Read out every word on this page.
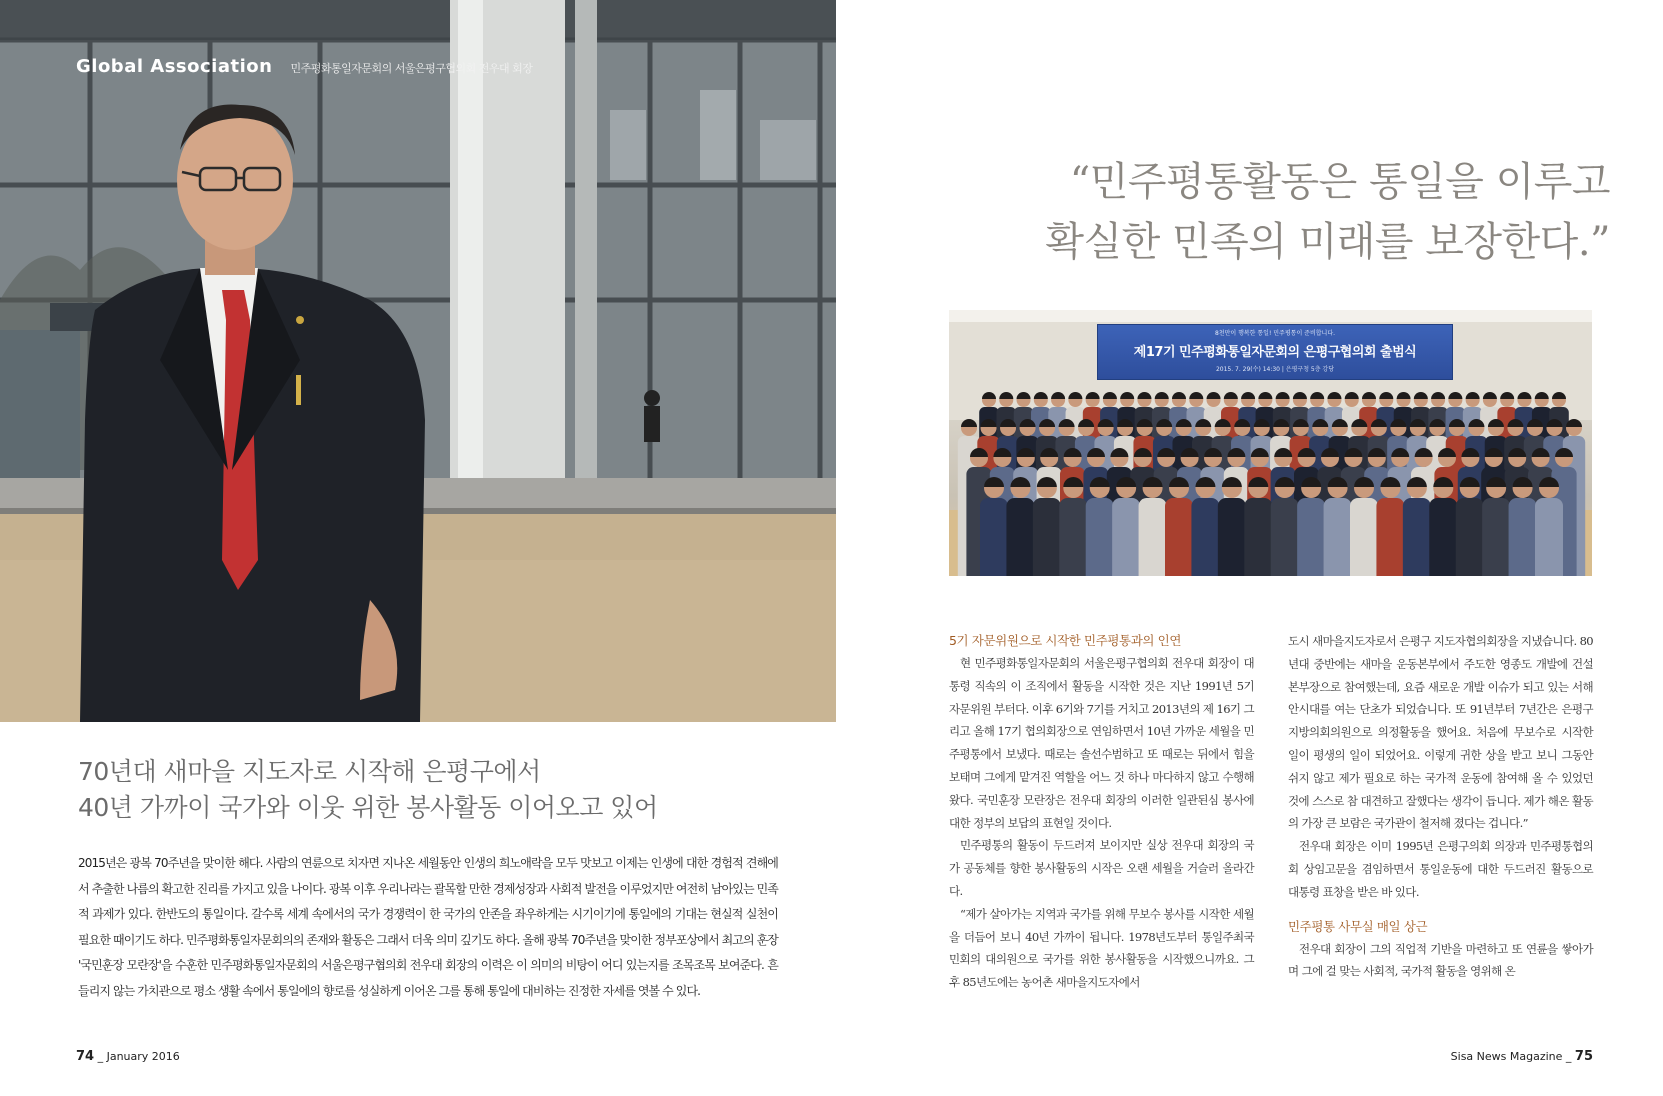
Global Association 민주평화통일자문회의 서울은평구협의회 전우대 회장
70년대 새마을 지도자로 시작해 은평구에서
40년 가까이 국가와 이웃 위한 봉사활동 이어오고 있어
2015년은 광복 70주년을 맞이한 해다. 사람의 연륜으로 치자면 지나온 세월동안 인생의 희노애락을 모두 맛보고 이제는 인생에 대한 경험적 견해에서 추출한 나름의 확고한 진리를 가지고 있을 나이다. 광복 이후 우리나라는 괄목할 만한 경제성장과 사회적 발전을 이루었지만 여전히 남아있는 민족적 과제가 있다. 한반도의 통일이다. 갈수록 세계 속에서의 국가 경쟁력이 한 국가의 안존을 좌우하게는 시기이기에 통일에의 기대는 현실적 실천이 필요한 때이기도 하다. 민주평화통일자문회의의 존재와 활동은 그래서 더욱 의미 깊기도 하다. 올해 광복 70주년을 맞이한 정부포상에서 최고의 훈장 '국민훈장 모란장'을 수훈한 민주평화통일자문회의 서울은평구협의회 전우대 회장의 이력은 이 의미의 비탕이 어디 있는지를 조목조목 보여준다. 흔들리지 않는 가치관으로 평소 생활 속에서 통일에의 향로를 성실하게 이어온 그를 통해 통일에 대비하는 진정한 자세를 엿볼 수 있다.
74 _ January 2016
“민주평통활동은 통일을 이루고
확실한 민족의 미래를 보장한다.”
8천만이 행복한 통일! 민주평통이 준비합니다.
제17기 민주평화통일자문회의 은평구협의회 출범식
2015. 7. 29(수) 14:30 | 은평구청 5층 강당
5기 자문위원으로 시작한 민주평통과의 인연

현 민주평화통일자문회의 서울은평구협의회 전우대 회장이 대통령 직속의 이 조직에서 활동을 시작한 것은 지난 1991년 5기 자문위원 부터다. 이후 6기와 7기를 거치고 2013년의 제 16기 그리고 올해 17기 협의회장으로 연임하면서 10년 가까운 세월을 민주평통에서 보냈다. 때로는 솔선수범하고 또 때로는 뒤에서 힘을 보태며 그에게 맡겨진 역할을 어느 것 하나 마다하지 않고 수행해 왔다. 국민훈장 모란장은 전우대 회장의 이러한 일관된심 봉사에 대한 정부의 보답의 표현일 것이다.

민주평통의 활동이 두드러져 보이지만 실상 전우대 회장의 국가 공동체를 향한 봉사활동의 시작은 오랜 세월을 거슬러 올라간다.

“제가 살아가는 지역과 국가를 위해 무보수 봉사를 시작한 세월을 더듬어 보니 40년 가까이 됩니다. 1978년도부터 통일주최국민회의 대의원으로 국가를 위한 봉사활동을 시작했으니까요. 그 후 85년도에는 농어촌 새마을지도자에서

도시 새마을지도자로서 은평구 지도자협의회장을 지냈습니다. 80년대 중반에는 새마을 운동본부에서 주도한 영종도 개발에 건설 본부장으로 참여했는데, 요즘 새로운 개발 이슈가 되고 있는 서해안시대를 여는 단초가 되었습니다. 또 91년부터 7년간은 은평구 지방의회의원으로 의정활동을 했어요. 처음에 무보수로 시작한 일이 평생의 일이 되었어요. 이렇게 귀한 상을 받고 보니 그동안 쉬지 않고 제가 필요로 하는 국가적 운동에 참여해 올 수 있었던 것에 스스로 참 대견하고 잘했다는 생각이 듭니다. 제가 해온 활동의 가장 큰 보람은 국가관이 철저해 졌다는 겁니다.”

전우대 회장은 이미 1995년 은평구의회 의장과 민주평통협의회 상임고문을 겸임하면서 통일운동에 대한 두드러진 활동으로 대통령 표창을 받은 바 있다.

민주평통 사무실 매일 상근

전우대 회장이 그의 직업적 기반을 마련하고 또 연륜을 쌓아가며 그에 걸 맞는 사회적, 국가적 활동을 영위해 온

Sisa News Magazine _ 75
